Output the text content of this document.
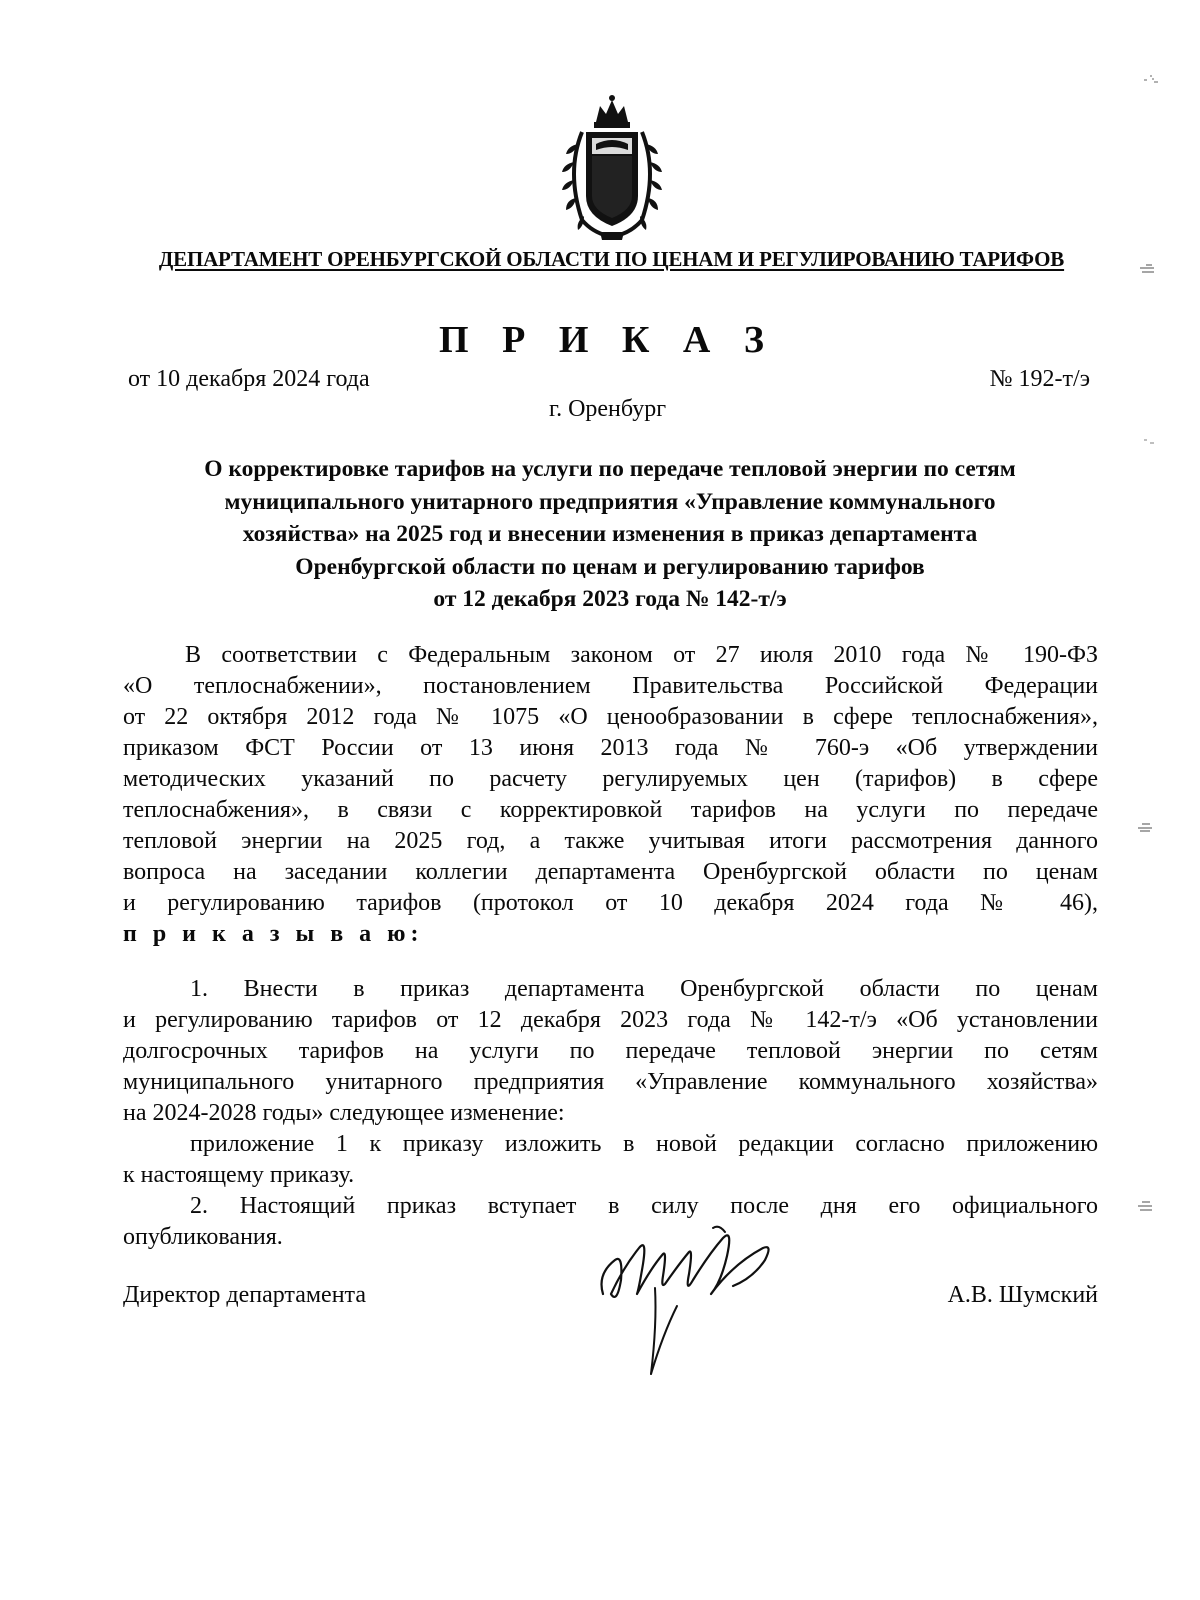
ДЕПАРТАМЕНТ ОРЕНБУРГСКОЙ ОБЛАСТИ ПО ЦЕНАМ И РЕГУЛИРОВАНИЮ ТАРИФОВ
П Р И К А З
от 10 декабря 2024 года	№ 192-т/э
г. Оренбург
О корректировке тарифов на услуги по передаче тепловой энергии по сетям
муниципального унитарного предприятия «Управление коммунального
хозяйства» на 2025 год и внесении изменения в приказ департамента
Оренбургской области по ценам и регулированию тарифов
от 12 декабря 2023 года № 142-т/э
В соответствии с Федеральным законом от 27 июля 2010 года № 190-ФЗ
«О теплоснабжении», постановлением Правительства Российской Федерации
от 22 октября 2012 года № 1075 «О ценообразовании в сфере теплоснабжения»,
приказом ФСТ России от 13 июня 2013 года № 760-э «Об утверждении
методических указаний по расчету регулируемых цен (тарифов) в сфере
теплоснабжения», в связи с корректировкой тарифов на услуги по передаче
тепловой энергии на 2025 год, а также учитывая итоги рассмотрения данного
вопроса на заседании коллегии департамента Оренбургской области по ценам
и регулированию тарифов (протокол от 10 декабря 2024 года № 46),
п р и к а з ы в а ю:
1. Внести в приказ департамента Оренбургской области по ценам
и регулированию тарифов от 12 декабря 2023 года № 142-т/э «Об установлении
долгосрочных тарифов на услуги по передаче тепловой энергии по сетям
муниципального унитарного предприятия «Управление коммунального хозяйства»
на 2024-2028 годы» следующее изменение:
приложение 1 к приказу изложить в новой редакции согласно приложению
к настоящему приказу.
2. Настоящий приказ вступает в силу после дня его официального
опубликования.
Директор департамента	А.В. Шумский
